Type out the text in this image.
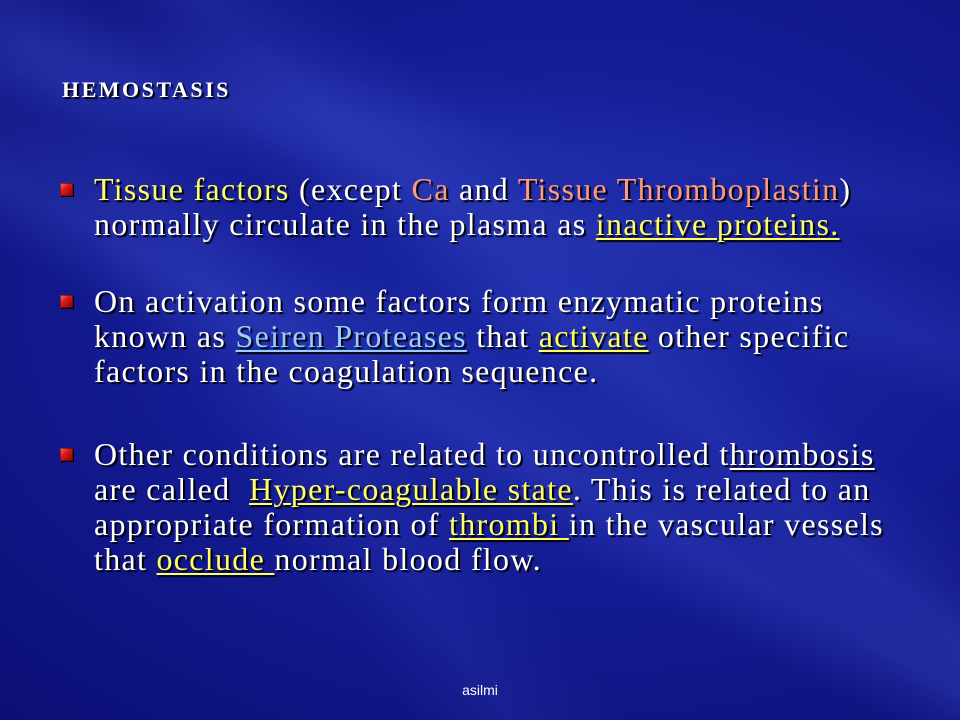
HEMOSTASIS
Tissue factors (except Ca and Tissue Thromboplastin)
normally circulate in the plasma as inactive proteins.
On activation some factors form enzymatic proteins
known as Seiren Proteases that activate other specific
factors in the coagulation sequence.
Other conditions are related to uncontrolled thrombosis
are called  Hyper-coagulable state. This is related to an
appropriate formation of thrombi in the vascular vessels
that occlude normal blood flow.
asilmi
